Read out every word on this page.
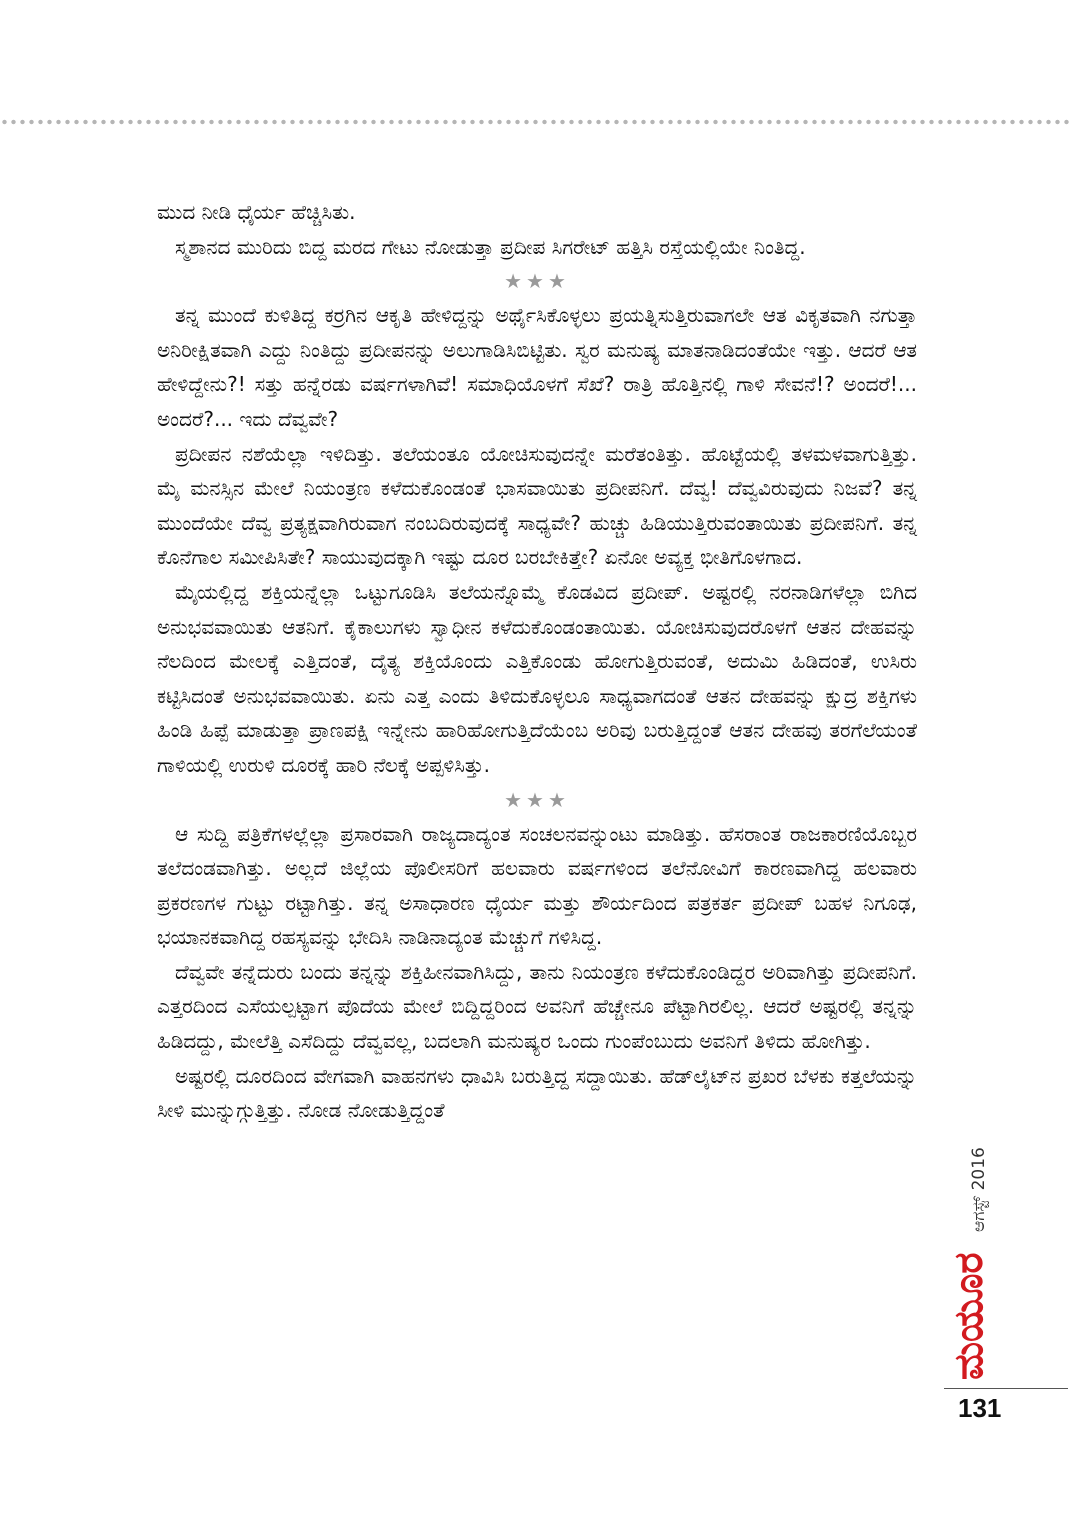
ಮುದ ನೀಡಿ ಧೈರ್ಯ ಹೆಚ್ಚಿಸಿತು.

ಸ್ಮಶಾನದ ಮುರಿದು ಬಿದ್ದ ಮರದ ಗೇಟು ನೋಡುತ್ತಾ ಪ್ರದೀಪ ಸಿಗರೇಟ್ ಹತ್ತಿಸಿ ರಸ್ತೆಯಲ್ಲಿಯೇ ನಿಂತಿದ್ದ.

★★★

ತನ್ನ ಮುಂದೆ ಕುಳಿತಿದ್ದ ಕರ್ರಗಿನ ಆಕೃತಿ ಹೇಳಿದ್ದನ್ನು ಅರ್ಥೈಸಿಕೊಳ್ಳಲು ಪ್ರಯತ್ನಿಸುತ್ತಿರುವಾಗಲೇ ಆತ ವಿಕೃತವಾಗಿ ನಗುತ್ತಾ ಅನಿರೀಕ್ಷಿತವಾಗಿ ಎದ್ದು ನಿಂತಿದ್ದು ಪ್ರದೀಪನನ್ನು ಅಲುಗಾಡಿಸಿಬಿಟ್ಟಿತು. ಸ್ವರ ಮನುಷ್ಯ ಮಾತನಾಡಿದಂತೆಯೇ ಇತ್ತು. ಆದರೆ ಆತ ಹೇಳಿದ್ದೇನು?! ಸತ್ತು ಹನ್ನೆರಡು ವರ್ಷಗಳಾಗಿವೆ! ಸಮಾಧಿಯೊಳಗೆ ಸೆಖೆ? ರಾತ್ರಿ ಹೊತ್ತಿನಲ್ಲಿ ಗಾಳಿ ಸೇವನೆ!? ಅಂದರೆ!... ಅಂದರೆ?... ಇದು ದೆವ್ವವೇ?

ಪ್ರದೀಪನ ನಶೆಯೆಲ್ಲಾ ಇಳಿದಿತ್ತು. ತಲೆಯಂತೂ ಯೋಚಿಸುವುದನ್ನೇ ಮರೆತಂತಿತ್ತು. ಹೊಟ್ಟೆಯಲ್ಲಿ ತಳಮಳವಾಗುತ್ತಿತ್ತು. ಮೈ ಮನಸ್ಸಿನ ಮೇಲೆ ನಿಯಂತ್ರಣ ಕಳೆದುಕೊಂಡಂತೆ ಭಾಸವಾಯಿತು ಪ್ರದೀಪನಿಗೆ. ದೆವ್ವ! ದೆವ್ವವಿರುವುದು ನಿಜವೆ? ತನ್ನ ಮುಂದೆಯೇ ದೆವ್ವ ಪ್ರತ್ಯಕ್ಷವಾಗಿರುವಾಗ ನಂಬದಿರುವುದಕ್ಕೆ ಸಾಧ್ಯವೇ? ಹುಚ್ಚು ಹಿಡಿಯುತ್ತಿರುವಂತಾಯಿತು ಪ್ರದೀಪನಿಗೆ. ತನ್ನ ಕೊನೆಗಾಲ ಸಮೀಪಿಸಿತೇ? ಸಾಯುವುದಕ್ಕಾಗಿ ಇಷ್ಟು ದೂರ ಬರಬೇಕಿತ್ತೇ? ಏನೋ ಅವ್ಯಕ್ತ ಭೀತಿಗೊಳಗಾದ.

ಮೈಯಲ್ಲಿದ್ದ ಶಕ್ತಿಯನ್ನೆಲ್ಲಾ ಒಟ್ಟುಗೂಡಿಸಿ ತಲೆಯನ್ನೊಮ್ಮೆ ಕೊಡವಿದ ಪ್ರದೀಪ್. ಅಷ್ಟರಲ್ಲಿ ನರನಾಡಿಗಳೆಲ್ಲಾ ಬಿಗಿದ ಅನುಭವವಾಯಿತು ಆತನಿಗೆ. ಕೈಕಾಲುಗಳು ಸ್ವಾಧೀನ ಕಳೆದುಕೊಂಡಂತಾಯಿತು. ಯೋಚಿಸುವುದರೊಳಗೆ ಆತನ ದೇಹವನ್ನು ನೆಲದಿಂದ ಮೇಲಕ್ಕೆ ಎತ್ತಿದಂತೆ, ದೈತ್ಯ ಶಕ್ತಿಯೊಂದು ಎತ್ತಿಕೊಂಡು ಹೋಗುತ್ತಿರುವಂತೆ, ಅದುಮಿ ಹಿಡಿದಂತೆ, ಉಸಿರು ಕಟ್ಟಿಸಿದಂತೆ ಅನುಭವವಾಯಿತು. ಏನು ಎತ್ತ ಎಂದು ತಿಳಿದುಕೊಳ್ಳಲೂ ಸಾಧ್ಯವಾಗದಂತೆ ಆತನ ದೇಹವನ್ನು ಕ್ಷುದ್ರ ಶಕ್ತಿಗಳು ಹಿಂಡಿ ಹಿಪ್ಪೆ ಮಾಡುತ್ತಾ ಪ್ರಾಣಪಕ್ಷಿ ಇನ್ನೇನು ಹಾರಿಹೋಗುತ್ತಿದೆಯೆಂಬ ಅರಿವು ಬರುತ್ತಿದ್ದಂತೆ ಆತನ ದೇಹವು ತರಗೆಲೆಯಂತೆ ಗಾಳಿಯಲ್ಲಿ ಉರುಳಿ ದೂರಕ್ಕೆ ಹಾರಿ ನೆಲಕ್ಕೆ ಅಪ್ಪಳಿಸಿತ್ತು.

★★★

ಆ ಸುದ್ದಿ ಪತ್ರಿಕೆಗಳಲ್ಲೆಲ್ಲಾ ಪ್ರಸಾರವಾಗಿ ರಾಜ್ಯದಾದ್ಯಂತ ಸಂಚಲನವನ್ನುಂಟು ಮಾಡಿತ್ತು. ಹೆಸರಾಂತ ರಾಜಕಾರಣಿಯೊಬ್ಬರ ತಲೆದಂಡವಾಗಿತ್ತು. ಅಲ್ಲದೆ ಜಿಲ್ಲೆಯ ಪೊಲೀಸರಿಗೆ ಹಲವಾರು ವರ್ಷಗಳಿಂದ ತಲೆನೋವಿಗೆ ಕಾರಣವಾಗಿದ್ದ ಹಲವಾರು ಪ್ರಕರಣಗಳ ಗುಟ್ಟು ರಟ್ಟಾಗಿತ್ತು. ತನ್ನ ಅಸಾಧಾರಣ ಧೈರ್ಯ ಮತ್ತು ಶೌರ್ಯದಿಂದ ಪತ್ರಕರ್ತ ಪ್ರದೀಪ್ ಬಹಳ ನಿಗೂಢ, ಭಯಾನಕವಾಗಿದ್ದ ರಹಸ್ಯವನ್ನು ಭೇದಿಸಿ ನಾಡಿನಾದ್ಯಂತ ಮೆಚ್ಚುಗೆ ಗಳಿಸಿದ್ದ.

ದೆವ್ವವೇ ತನ್ನೆದುರು ಬಂದು ತನ್ನನ್ನು ಶಕ್ತಿಹೀನವಾಗಿಸಿದ್ದು, ತಾನು ನಿಯಂತ್ರಣ ಕಳೆದುಕೊಂಡಿದ್ದರ ಅರಿವಾಗಿತ್ತು ಪ್ರದೀಪನಿಗೆ. ಎತ್ತರದಿಂದ ಎಸೆಯಲ್ಪಟ್ಟಾಗ ಪೊದೆಯ ಮೇಲೆ ಬಿದ್ದಿದ್ದರಿಂದ ಅವನಿಗೆ ಹೆಚ್ಚೇನೂ ಪೆಟ್ಟಾಗಿರಲಿಲ್ಲ. ಆದರೆ ಅಷ್ಟರಲ್ಲಿ ತನ್ನನ್ನು ಹಿಡಿದದ್ದು, ಮೇಲೆತ್ತಿ ಎಸೆದಿದ್ದು ದೆವ್ವವಲ್ಲ, ಬದಲಾಗಿ ಮನುಷ್ಯರ ಒಂದು ಗುಂಪೆಂಬುದು ಅವನಿಗೆ ತಿಳಿದು ಹೋಗಿತ್ತು.

ಅಷ್ಟರಲ್ಲಿ ದೂರದಿಂದ ವೇಗವಾಗಿ ವಾಹನಗಳು ಧಾವಿಸಿ ಬರುತ್ತಿದ್ದ ಸದ್ದಾಯಿತು. ಹೆಡ್‌ಲೈಟ್‌ನ ಪ್ರಖರ ಬೆಳಕು ಕತ್ತಲೆಯನ್ನು ಸೀಳಿ ಮುನ್ನುಗ್ಗುತ್ತಿತ್ತು. ನೋಡ ನೋಡುತ್ತಿದ್ದಂತೆ

ಮಯೂರ
ಆಗಸ್ಟ್ 2016
131
